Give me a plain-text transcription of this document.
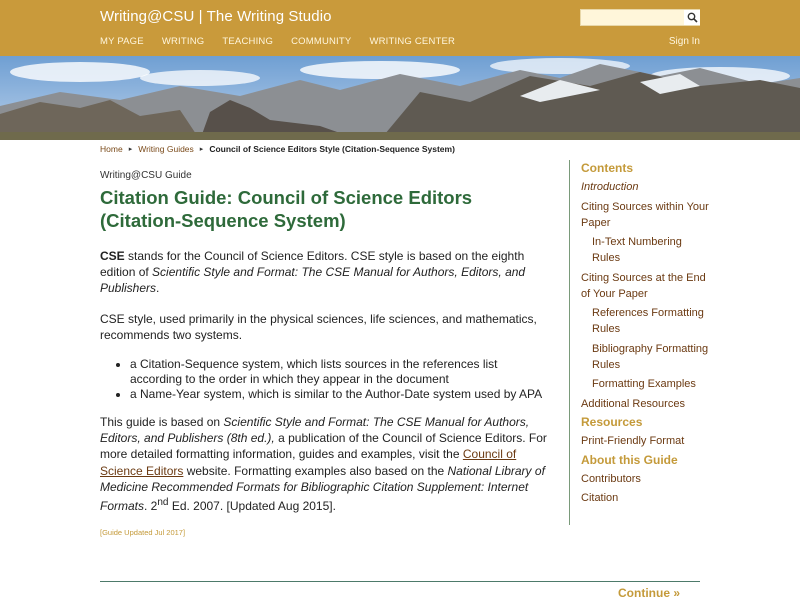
Writing@CSU | The Writing Studio
MY PAGE WRITING TEACHING COMMUNITY WRITING CENTER	Sign In
Home ▸ Writing Guides ▸ Council of Science Editors Style (Citation-Sequence System)
Writing@CSU Guide
Citation Guide: Council of Science Editors (Citation-Sequence System)

CSE stands for the Council of Science Editors. CSE style is based on the eighth edition of Scientific Style and Format: The CSE Manual for Authors, Editors, and Publishers.

CSE style, used primarily in the physical sciences, life sciences, and mathematics, recommends two systems.

• a Citation-Sequence system, which lists sources in the references list according to the order in which they appear in the document
• a Name-Year system, which is similar to the Author-Date system used by APA

This guide is based on Scientific Style and Format: The CSE Manual for Authors, Editors, and Publishers (8th ed.), a publication of the Council of Science Editors. For more detailed formatting information, guides and examples, visit the Council of Science Editors website. Formatting examples also based on the National Library of Medicine Recommended Formats for Bibliographic Citation Supplement: Internet Formats. 2nd Ed. 2007. [Updated Aug 2015].

[Guide Updated Jul 2017]
Continue »
Contents
Introduction
Citing Sources within Your Paper
In-Text Numbering Rules
Citing Sources at the End of Your Paper
References Formatting Rules
Bibliography Formatting Rules
Formatting Examples
Additional Resources
Resources
Print-Friendly Format
About this Guide
Contributors
Citation
